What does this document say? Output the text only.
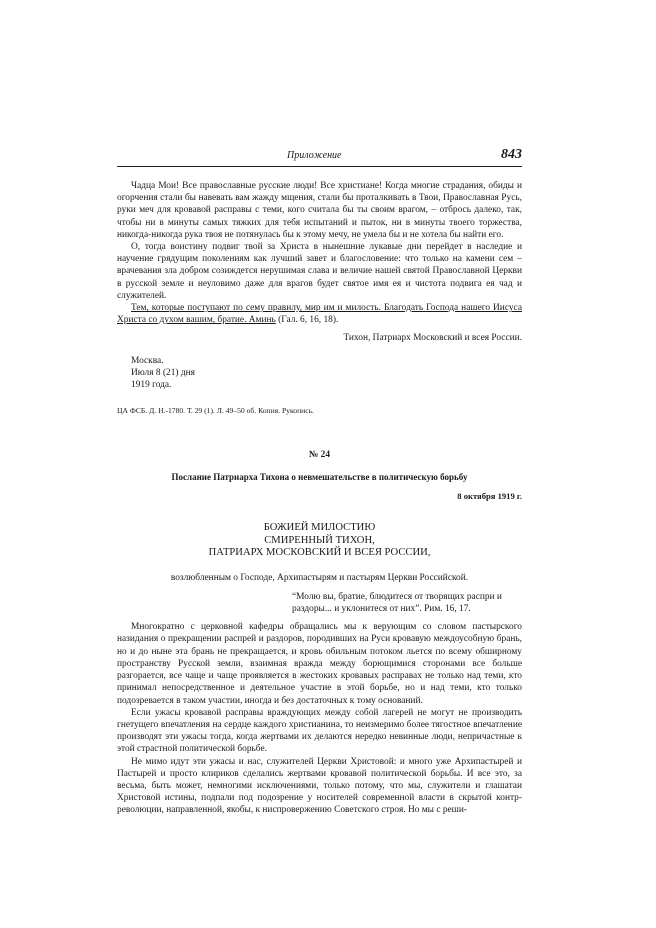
Приложение	843

Чадца Мои! Все православные русские люди! Все христиане! Когда многие страдания, обиды и огорчения стали бы навевать вам жажду мщения, стали бы проталкивать в Твои, Православная Русь, руки меч для кровавой расправы с теми, кого считала бы ты своим врагом, – отбрось далеко, так, чтобы ни в минуты самых тяжких для тебя испытаний и пыток, ни в минуты твоего торжества, никогда-никогда рука твоя не потянулась бы к этому мечу, не умела бы и не хотела бы найти его.

О, тогда воистину подвиг твой за Христа в нынешние лукавые дни перейдет в наследие и научение грядущим поколениям как лучший завет и благословение: что только на камени сем – врачевания зла добром созиждется нерушимая слава и величие нашей святой Православной Церкви в русской земле и неуловимо даже для врагов будет святое имя ея и чистота подвига ея чад и служителей.

Тем, которые поступают по сему правилу, мир им и милость. Благодать Господа нашего Иисуса Христа со духом вашим, братие. Аминь (Гал. 6, 16, 18).

Тихон, Патриарх Московский и всея России.

Москва.
Июля 8 (21) дня
1919 года.

ЦА ФСБ. Д. Н.-1780. Т. 29 (1). Л. 49–50 об. Копия. Рукопись.

№ 24

Послание Патриарха Тихона о невмешательстве в политическую борьбу

8 октября 1919 г.

БОЖИЕЙ МИЛОСТИЮ
СМИРЕННЫЙ ТИХОН,
ПАТРИАРХ МОСКОВСКИЙ И ВСЕЯ РОССИИ,

возлюбленным о Господе, Архипастырям и пастырям Церкви Российской.

“Молю вы, братие, блюдитеся от творящих распри и раздоры... и уклонитеся от них”. Рим. 16, 17.

Многократно с церковной кафедры обращались мы к верующим со словом пастырского назидания о прекращении распрей и раздоров, породивших на Руси кровавую междоусобную брань, но и до ныне эта брань не прекращается, и кровь обильным потоком льется по всему обширному пространству Русской земли, взаимная вражда между борющимися сторонами все больше разгорается, все чаще и чаще проявляется в жестоких кровавых расправах не только над теми, кто принимал непосредственное и деятельное участие в этой борьбе, но и над теми, кто только подозревается в таком участии, иногда и без достаточных к тому оснований.

Если ужасы кровавой расправы враждующих между собой лагерей не могут не производить гнетущего впечатления на сердце каждого христианина, то неизмеримо более тягостное впечатление производят эти ужасы тогда, когда жертвами их делаются нередко невинные люди, непричастные к этой страстной политической борьбе.

Не мимо идут эти ужасы и нас, служителей Церкви Христовой: и много уже Архипастырей и Пастырей и просто клириков сделались жертвами кровавой политической борьбы. И все это, за весьма, быть может, немногими исключениями, только потому, что мы, служители и глашатаи Христовой истины, подпали под подозрение у носителей современной власти в скрытой контр-революции, направленной, якобы, к ниспровержению Советского строя. Но мы с реши-
